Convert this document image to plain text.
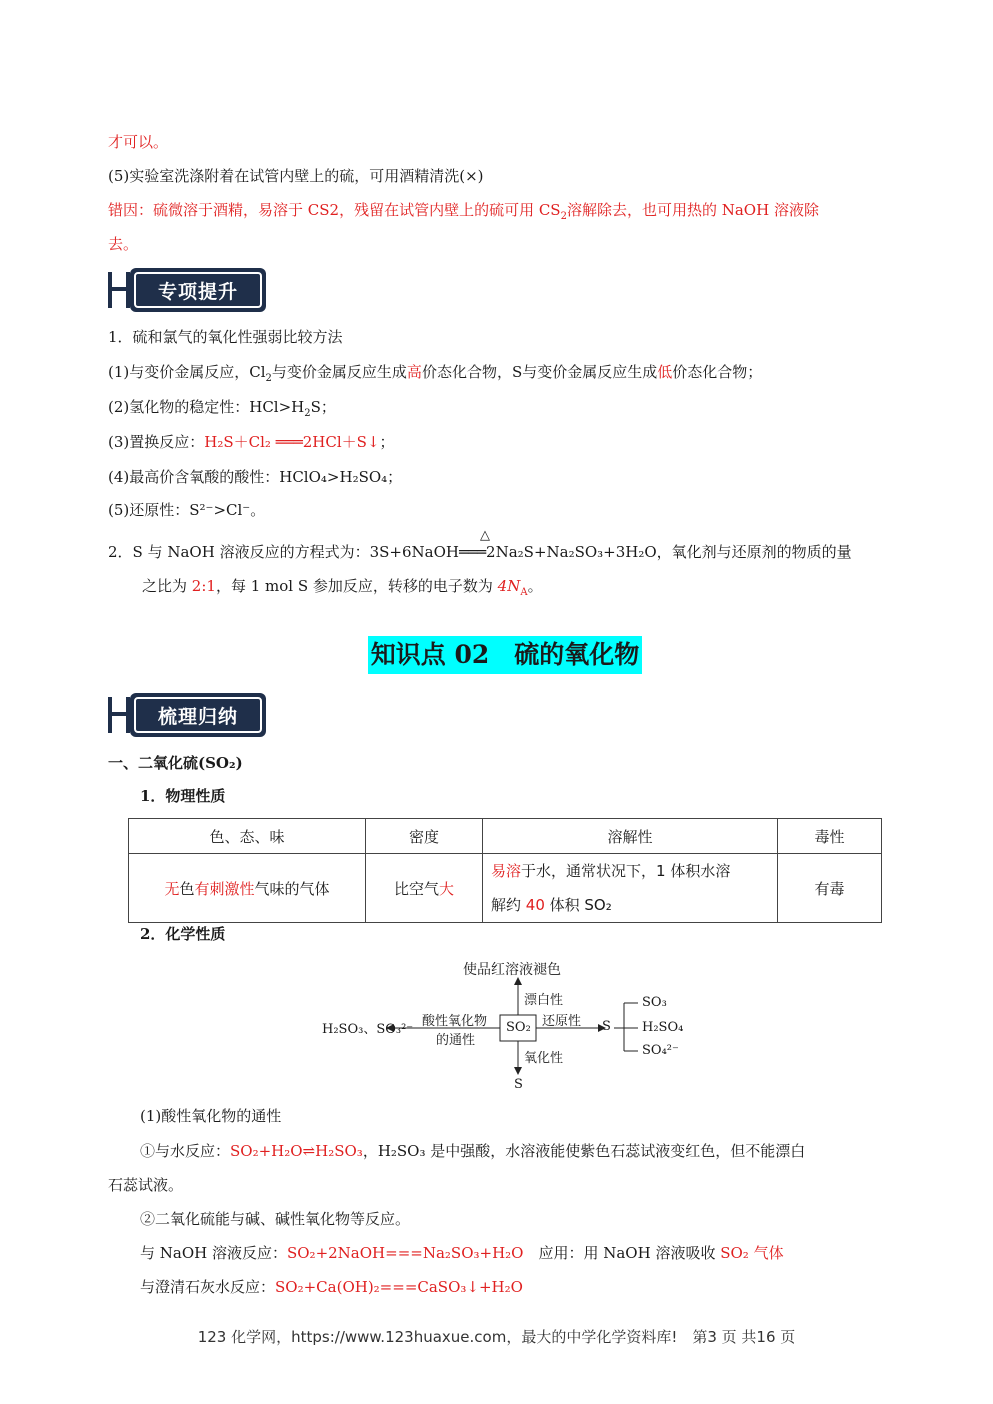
才可以。
(5)实验室洗涤附着在试管内壁上的硫，可用酒精清洗(×)
错因：硫微溶于酒精，易溶于 CS2，残留在试管内壁上的硫可用 $CS_2$溶解除去，也可用热的 NaOH 溶液除
去。
专项提升
1．硫和氯气的氧化性强弱比较方法
(1)与变价金属反应，$Cl_2$与变价金属反应生成高价态化合物，S与变价金属反应生成低价态化合物；
(2)氢化物的稳定性：$HCl>H_2S$；
(3)置换反应：H₂S＋Cl₂ ═══2HCl＋S↓；
(4)最高价含氧酸的酸性：HClO₄>H₂SO₄；
(5)还原性：S²⁻>Cl⁻。
△
2．S 与 NaOH 溶液反应的方程式为：3S+6NaOH═══2Na₂S+Na₂SO₃+3H₂O，氧化剂与还原剂的物质的量
之比为 2:1，每 1 mol S 参加反应，转移的电子数为 $4N_A$。
知识点 02　硫的氧化物
梳理归纳
一、二氧化硫(SO₂)
1．物理性质
色、态、味	密度	溶解性	毒性
无色有刺激性气味的气体	比空气大	易溶于水，通常状况下，1 体积水溶
解约 40 体积 SO₂	有毒
2．化学性质
使品红溶液褪色
漂白性
酸性氧化物
的通性
H₂SO₃、SO₃²⁻	SO₂ 还原性 S
SO₃
H₂SO₄
SO₄²⁻
氧化性
S
(1)酸性氧化物的通性
①与水反应：SO₂+H₂O⇌H₂SO₃，H₂SO₃ 是中强酸，水溶液能使紫色石蕊试液变红色，但不能漂白
石蕊试液。
②二氧化硫能与碱、碱性氧化物等反应。
与 NaOH 溶液反应：SO₂+2NaOH===Na₂SO₃+H₂O　应用：用 NaOH 溶液吸收 SO₂ 气体
与澄清石灰水反应：SO₂+Ca(OH)₂===CaSO₃↓+H₂O
123 化学网，https://www.123huaxue.com，最大的中学化学资料库!　第3 页 共16 页
